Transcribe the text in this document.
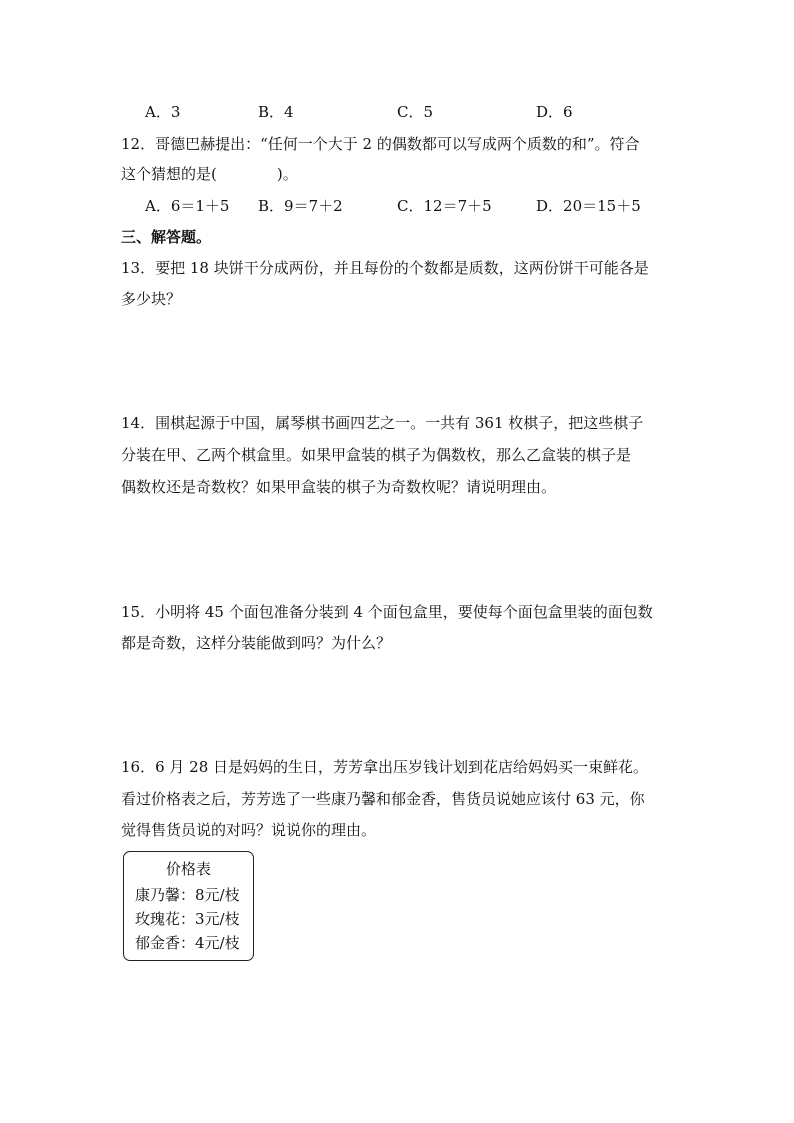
A．3	B．4	C．5	D．6
12．哥德巴赫提出：“任何一个大于 2 的偶数都可以写成两个质数的和”。符合
这个猜想的是(　　　　)。
A．6＝1＋5 B．9＝7＋2	C．12＝7＋5	D．20＝15＋5
三、解答题。
13．要把 18 块饼干分成两份，并且每份的个数都是质数，这两份饼干可能各是
多少块？
14．围棋起源于中国，属琴棋书画四艺之一。一共有 361 枚棋子，把这些棋子
分装在甲、乙两个棋盒里。如果甲盒装的棋子为偶数枚，那么乙盒装的棋子是
偶数枚还是奇数枚？如果甲盒装的棋子为奇数枚呢？请说明理由。
15．小明将 45 个面包准备分装到 4 个面包盒里，要使每个面包盒里装的面包数
都是奇数，这样分装能做到吗？为什么？
16．6 月 28 日是妈妈的生日，芳芳拿出压岁钱计划到花店给妈妈买一束鲜花。
看过价格表之后，芳芳选了一些康乃馨和郁金香，售货员说她应该付 63 元，你
觉得售货员说的对吗？说说你的理由。
价格表
康乃馨：8元/枝
玫瑰花：3元/枝
郁金香：4元/枝
